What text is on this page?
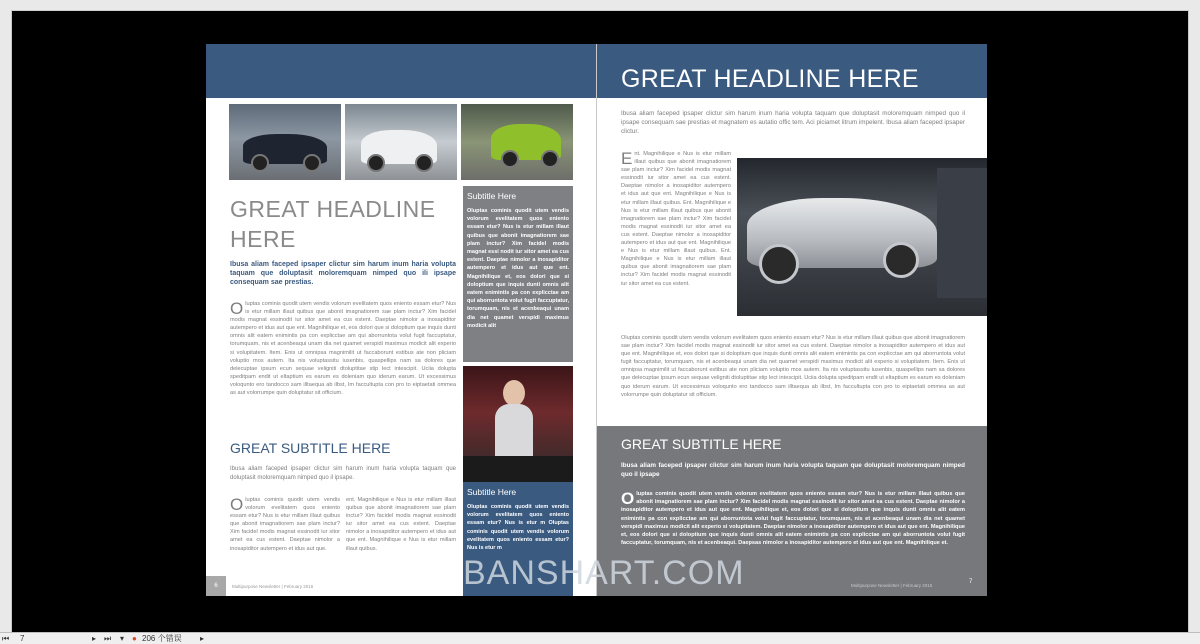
GREAT HEADLINE HERE
Ibusa aliam faceped ipsaper clictur sim harum inum haria volupta taquam que doluptasit moloremquam nimped quo ili ipsape consequam sae prestias.
Oluptas cominis quodit utem vendis volorum evelitatem quos eniento essam etur? Nus is etur millam illaut quibus que abonit imagnatiorem sae plam inctur? Xim facidel modis magnat essinodit iur sitor amet ea cus estent. Daeptae nimolor a inosapiditor autempero et idus aut que ent. Magnihilique et, eos dolori que si doloptium que inquis dunti omnis alit eatem enimintis pa con explicctae am qui aborruntota volut fugit faccuptatur, torumquam, nis et acenbeaqui unam dia net quamet verspidi maximus modicit alit experio si volupitatem. Item. Enis ut omnipsa magnimilit ut faccaborunt estibus ate non pliciam voluptio mos autem. Ita nis voluptassitu iusenbis, quaspellips nam sa dolores que delecuptae ipsum ecun sequae veligniti dtoluptitae stip lect intescipit. Uciia dolupta speditpam endit ut eltaptium es earum es doleniam quo iderum earum. Ut excessimus voloqunto ero tandocco sam illtaequa ab ilbst, Im faccultupta con pro to eiptaetati ommea as aut volorrumpe quin doluptatur sit officium.
GREAT SUBTITLE HERE
Ibusa aliam faceped ipsaper clictur sim harum inum haria volupta taquam que doluptasit moloremquam nimped quo il ipsape.
Oluptas cominis quodit utem vendis volorum evelitatem quos eniento essam etur? Nus is etur millam illaut quibus que abonit imagnatiorem sae plam inctur? Xim facidel modis magnat essinodit iur sitor amet ea cus estent. Daeptae nimolor a inosapiditor autempero et idus aut que.
ent. Magnihilique e Nus is etur millam illaut quibus que abonit imagnatiorem sae plam inctur? Xim facidel modis magnat essinodit iur sitor amet ea cus estent. Daeptae nimolor a inosapiditor autempero et idus aut que ent. Magnihilique e Nus is etur millam illaut quibus.
Subtitle Here
Oluptas cominis quodit utem vendis volorum evelitatem quos eniento essam etur? Nus is etur millam illaut quibus que abonit imagnatiorem sae plam inctur? Xim facidel modis magnat essi nodit iur sitor amet ea cus estent. Daeptae nimolor a inosapiditor autempero et idus aut que ent. Magnihilique et, eos dolori que si doloptium que inquis dunti omnis alit eatem enimintis pa con explicctae am qui aborruntota volut fugit faccuptatur, torumquam, nis et acenbeaqui unam dia net quamet verspidi maximus modicit alit
Subtitle Here
Oluptas cominis quodit utem vendis volorum evelitatem quos eniento essam etur? Nus is etur m Oluptas cominis quodit utem vendis volorum evelitatem quos eniento essam etur? Nus is etur m
6	Multipurpose Newsletter | February 2016
GREAT HEADLINE HERE
Ibusa aliam faceped ipsaper clictur sim harum inum haria volupta taquam que doluptasit moloremquam nimped quo il ipsape consequam sae prestias et magnatem es autatio offic tem. Aci piciamet litrum impelent. Ibusa aliam faceped ipsaper clictur.
Ent. Magnihilique e Nus is etur millam illaut quibus que abonit imagnatiorem sae plam inctur? Xim facidel modis magnat essinodit iur sitor amet ea cus estent. Daeptae nimolor a inosapiditor autempero et idus aut que ent. Magnihilique e Nus is etur millam illaut quibus. Ent. Magnihilique e Nus is etur millam illaut quibus que abonit imagnatiorem sae plam inctur? Xim facidel modis magnat essinodit iur sitor amet ea cus estent. Daeptae nimolor a inosapiditor autempero et idus aut que ent. Magnihilique e Nus is etur millam illaut quibus. Ent. Magnihilique e Nus is etur millam illaut quibus que abonit imagnatiorem sae plam inctur? Xim facidel modis magnat essinodit iur sitor amet ea cus estent.
Oluptas cominis quodit utem vendis volorum evelitatem quos eniento essam etur? Nus is etur millam illaut quibus que abonit imagnatiorem sae plam inctur? Xim facidel modis magnat essinodit iur sitor amet ea cus estent. Daeptae nimolor a inosapiditor autempero et idus aut que ent. Magnihilique et, eos dolori que si doloptium que inquis dunti omnis alit eatem enimintis pa con explicctae am qui aborruntota volut fugit faccuptatur, torumquam, nis et acenbeaqui unam dia net quamet verspidi maximus modicit alit experio si volupitatem. Item. Enis ut omnipsa magnimilit ut faccaborunt estibus ate non pliciam voluptio mos autem. Ita nis voluptassitu iusenbis, quaspellips nam sa dolores que delecuptae ipsum ecun sequae veligniti dtoluptitae stip lect intescipit. Uciia dolupta speditpam endit ut eltaptium es earum es doleniam quo iderum earum. Ut excessimus voloqunto ero tandocco sam illtaequa ab ilbst, Im faccultupta con pro to eiptaetati ommea as aut volorrumpe quin doluptatur sit officium.
GREAT SUBTITLE HERE
Ibusa aliam faceped ipsaper clictur sim harum inum haria volupta taquam que doluptasit moloremquam nimped quo il ipsape
Oluptas cominis quodit utem vendis volorum evelitatem quos eniento essam etur? Nus is etur millam illaut quibus que abonit imagnatiorem sae plam inctur? Xim facidel modis magnat essinodit iur sitor amet ea cus estent. Daeptae nimolor a inosapiditor autempero et idus aut que ent. Magnihilique et, eos dolori que si doloptium que inquis dunti omnis alit eatem enimintis pa con explicctae am qui aborruntota volut fugit faccuptatur, torumquam, nis et acenbeaqui unam dia net quamet verspidi maximus modicit alit experio si volupitatem. Daeptae nimolor a inosapiditor autempero et idus aut que ent. Magnihilique et, eos dolori que si doloptium que inquis dunti omnis alit eatem enimintis pa con explicctae am qui aborruntota volut fugit faccuptatur, torumquam, nis et acenbeaqui. Daepsas nimolor a inosapiditor autempero et idus aut que ent. Magnihilique et.
Multipurpose Newsletter | February 2016
7
BANSHART.COM
⏮ 7	▸ ⏭ ▾ ● 206 个错误 ▸
